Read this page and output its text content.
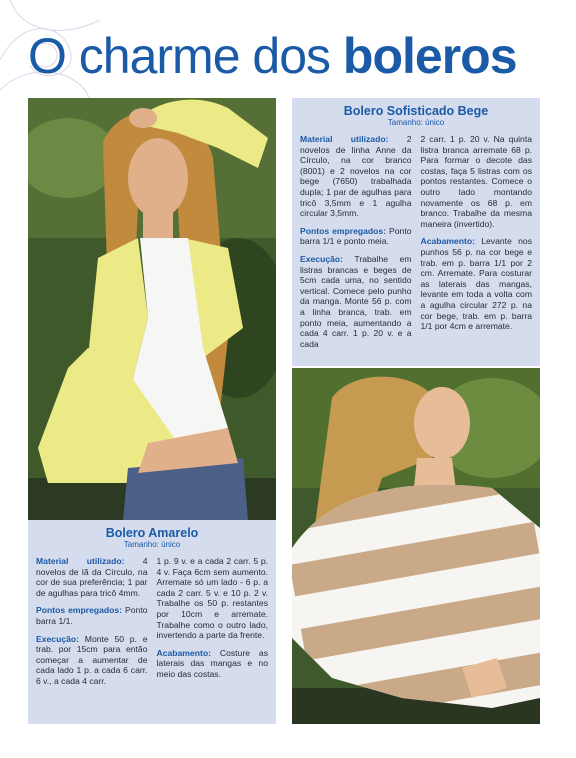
O charme dos boleros
Bolero Sofisticado Bege
Tamanho: único

Material utilizado: 2 novelos de linha Anne da Círculo, na cor branco (8001) e 2 novelos na cor bege (7650) trabalhada dupla; 1 par de agulhas para tricô 3,5mm e 1 agulha circular 3,5mm.

Pontos empregados: Ponto barra 1/1 e ponto meia.

Execução: Trabalhe em listras brancas e beges de 5cm cada uma, no sentido vertical. Comece pelo punho da manga. Monte 56 p. com a linha branca, trab. em ponto meia, aumentando a cada 4 carr. 1 p. 20 v. e a cada

2 carr. 1 p. 20 v. Na quinta listra branca arremate 68 p. Para formar o decote das costas, faça 5 listras com os pontos restantes. Comece o outro lado montando novamente os 68 p. em branco. Trabalhe da mesma maneira (invertido).

Acabamento: Levante nos punhos 56 p. na cor bege e trab. em p. barra 1/1 por 2 cm. Arremate. Para costurar as laterais das mangas, levante em toda a volta com a agulha circular 272 p. na cor bege, trab. em p. barra 1/1 por 4cm e arremate.

Bolero Amarelo
Tamanho: único

Material utilizado: 4 novelos de lã da Círculo, na cor de sua preferência; 1 par de agulhas para tricô 4mm.

Pontos empregados: Ponto barra 1/1.

Execução: Monte 50 p. e trab. por 15cm para então começar a aumentar de cada lado 1 p. a cada 6 carr. 6 v., a cada 4 carr.

1 p. 9 v. e a cada 2 carr. 5 p. 4 v. Faça 6cm sem aumento. Arremate só um lado - 6 p. a cada 2 carr. 5 v. e 10 p. 2 v. Trabalhe os 50 p. restantes por 10cm e arremate. Trabalhe como o outro lado, invertendo a parte da frente.

Acabamento: Costure as laterais das mangas e no meio das costas.
